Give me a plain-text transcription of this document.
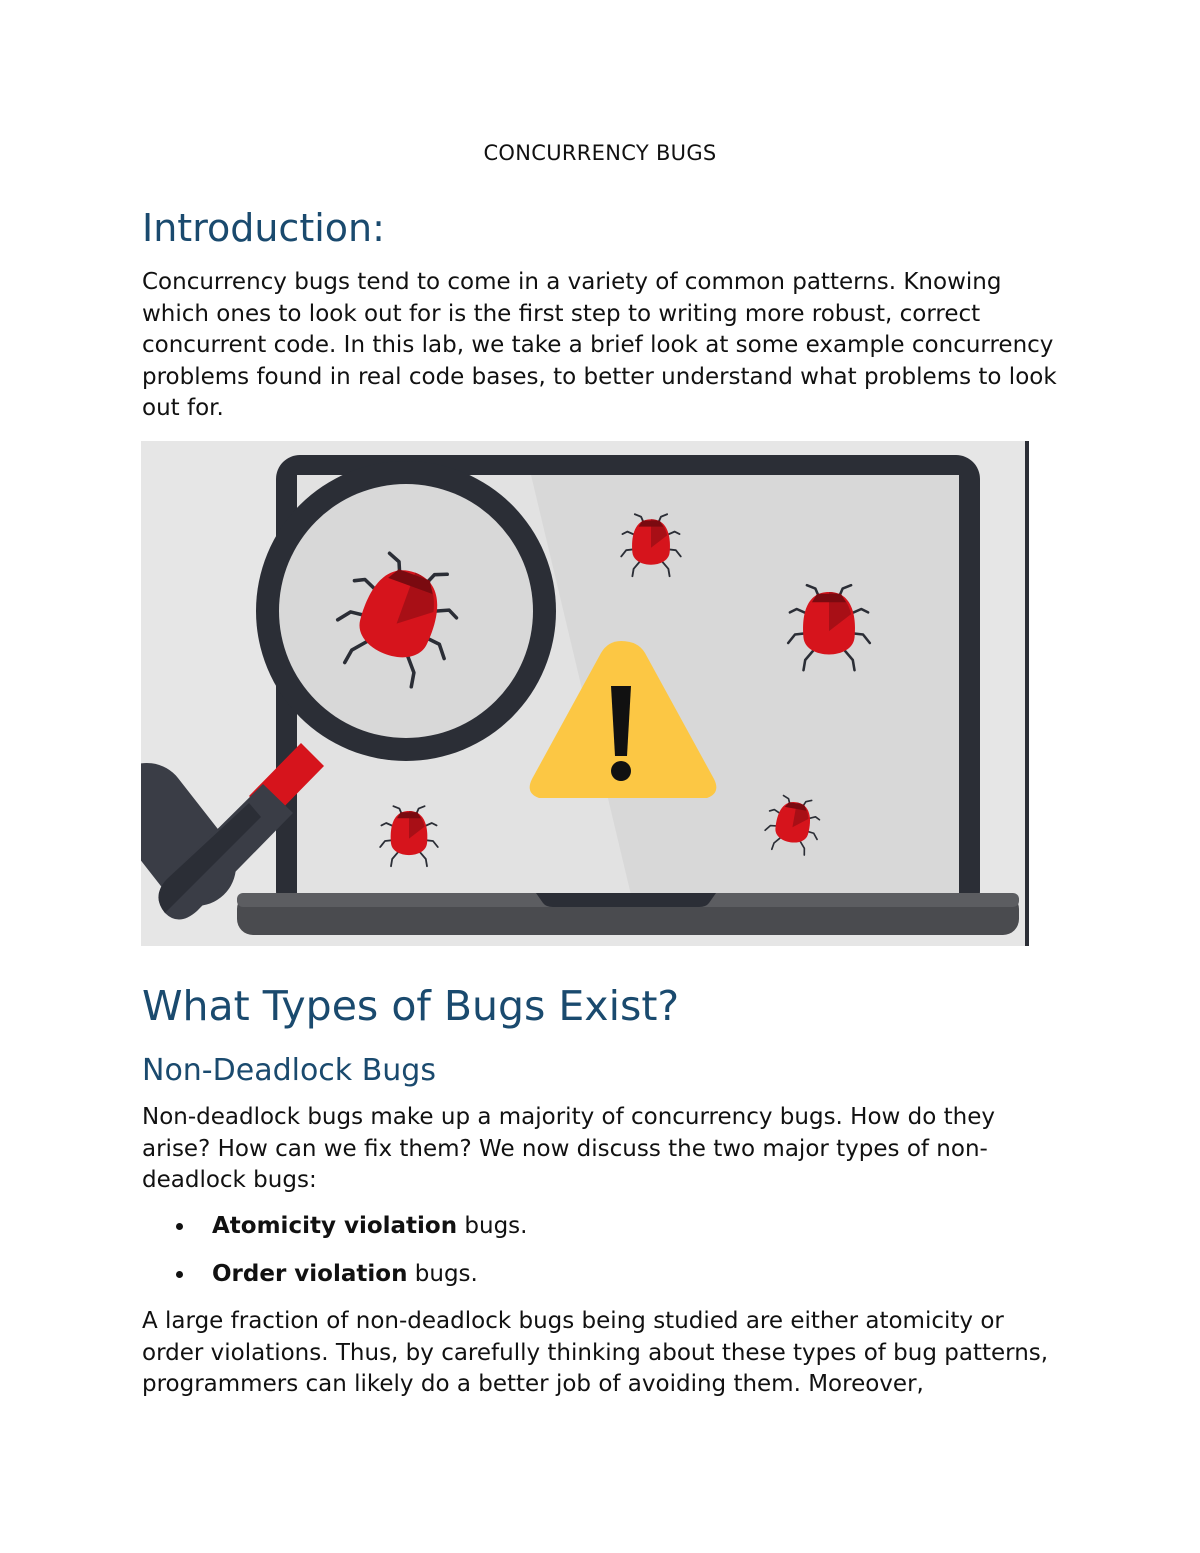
CONCURRENCY BUGS
Introduction:

Concurrency bugs tend to come in a variety of common patterns. Knowing which ones to look out for is the first step to writing more robust, correct concurrent code. In this lab, we take a brief look at some example concurrency problems found in real code bases, to better understand what problems to look out for.

What Types of Bugs Exist?
Non-Deadlock Bugs

Non-deadlock bugs make up a majority of concurrency bugs. How do they arise? How can we fix them? We now discuss the two major types of non-deadlock bugs:

Atomicity violation bugs.
Order violation bugs.

A large fraction of non-deadlock bugs being studied are either atomicity or order violations. Thus, by carefully thinking about these types of bug patterns, programmers can likely do a better job of avoiding them. Moreover,
